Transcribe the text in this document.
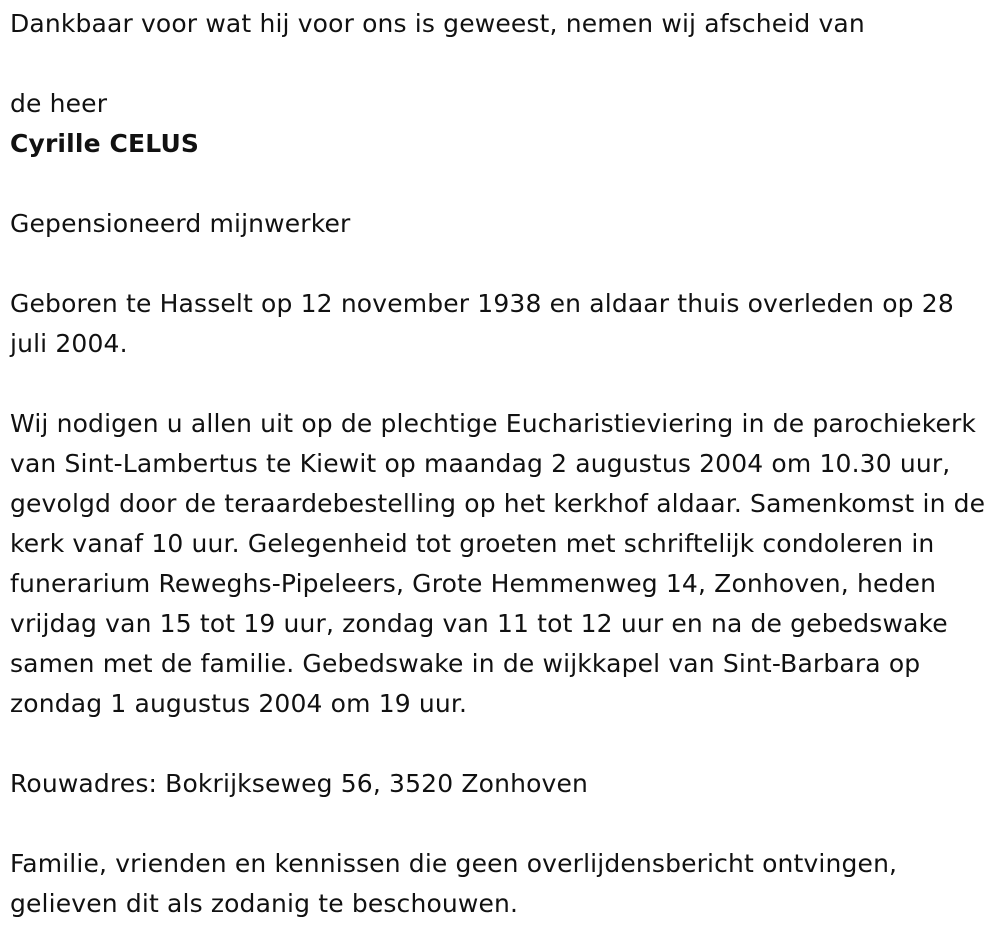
Dankbaar voor wat hij voor ons is geweest, nemen wij afscheid van

de heer

Cyrille CELUS

Gepensioneerd mijnwerker

Geboren te Hasselt op 12 november 1938 en aldaar thuis overleden op 28 juli 2004.

Wij nodigen u allen uit op de plechtige Eucharistieviering in de parochiekerk van Sint-Lambertus te Kiewit op maandag 2 augustus 2004 om 10.30 uur, gevolgd door de teraardebestelling op het kerkhof aldaar. Samenkomst in de kerk vanaf 10 uur. Gelegenheid tot groeten met schriftelijk condoleren in funerarium Reweghs-Pipeleers, Grote Hemmenweg 14, Zonhoven, heden vrijdag van 15 tot 19 uur, zondag van 11 tot 12 uur en na de gebedswake samen met de familie. Gebedswake in de wijkkapel van Sint-Barbara op zondag 1 augustus 2004 om 19 uur.

Rouwadres: Bokrijkseweg 56, 3520 Zonhoven

Familie, vrienden en kennissen die geen overlijdensbericht ontvingen, gelieven dit als zodanig te beschouwen.
